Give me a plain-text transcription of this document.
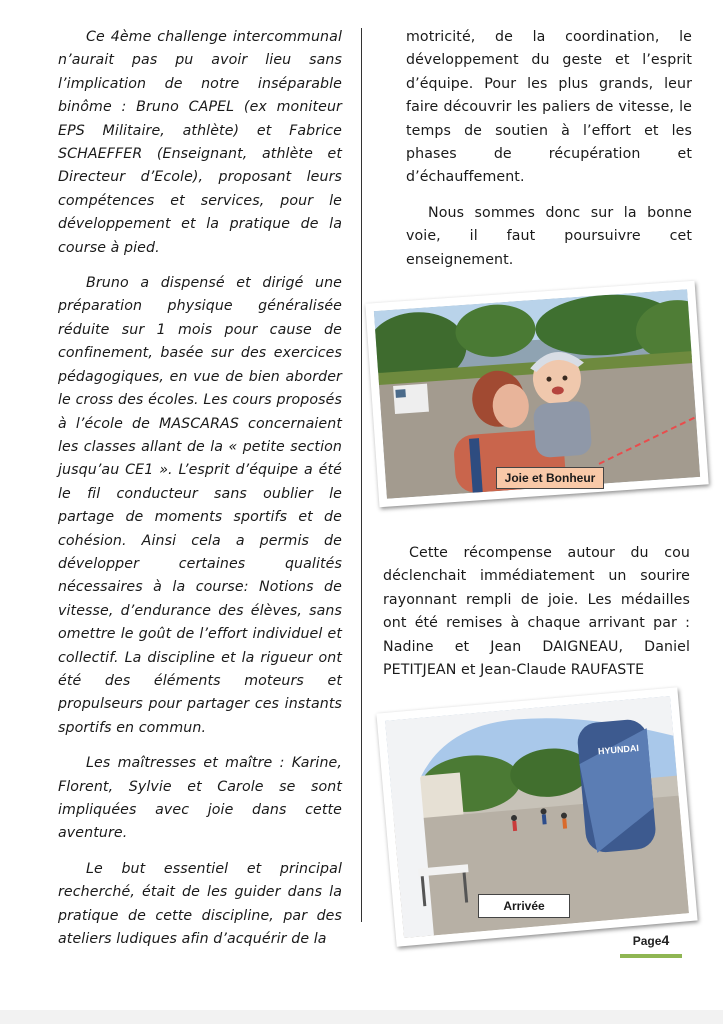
Ce 4ème challenge intercommunal n’aurait pas pu avoir lieu sans l’implication de notre inséparable binôme : Bruno CAPEL (ex moniteur EPS Militaire, athlète) et Fabrice SCHAEFFER (Enseignant, athlète et Directeur d’Ecole), proposant leurs compétences et services, pour le développement et la pratique de la course à pied.

Bruno a dispensé et dirigé une préparation physique généralisée réduite sur 1 mois pour cause de confinement, basée sur des exercices pédagogiques, en vue de bien aborder le cross des écoles. Les cours proposés à l’école de MASCARAS concernaient les classes allant de la « petite section jusqu’au CE1 ». L’esprit d’équipe a été le fil conducteur sans oublier le partage de moments sportifs et de cohésion. Ainsi cela a permis de développer certaines qualités nécessaires à la course: Notions de vitesse, d’endurance des élèves, sans omettre le goût de l’effort individuel et collectif. La discipline et la rigueur ont été des éléments moteurs et propulseurs pour partager ces instants sportifs en commun.

Les maîtresses et maître : Karine, Florent, Sylvie et Carole se sont impliquées avec joie dans cette aventure.

Le but essentiel et principal recherché, était de les guider dans la pratique de cette discipline, par des ateliers ludiques afin d’acquérir de la

motricité, de la coordination, le développement du geste et l’esprit d’équipe. Pour les plus grands, leur faire découvrir les paliers de vitesse, le temps de soutien à l’effort et les phases de récupération et d’échauffement.

Nous sommes donc sur la bonne voie, il faut poursuivre cet enseignement.

Joie et Bonheur

Cette récompense autour du cou déclenchait immédiatement un sourire rayonnant rempli de joie. Les médailles ont été remises à chaque arrivant par : Nadine et Jean DAIGNEAU, Daniel PETITJEAN et Jean-Claude RAUFASTE

HYUNDAI
Arrivée
Page4
